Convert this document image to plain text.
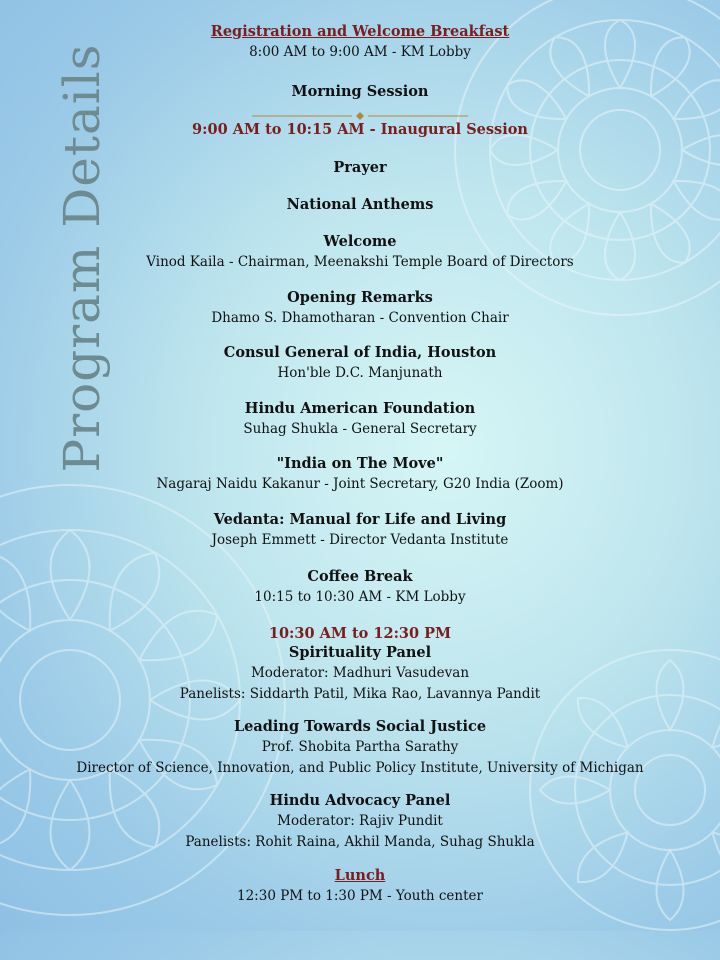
Program Details
Registration and Welcome Breakfast
8:00 AM to 9:00 AM - KM Lobby
Morning Session
9:00 AM to 10:15 AM - Inaugural Session
Prayer
National Anthems
Welcome
Vinod Kaila - Chairman, Meenakshi Temple Board of Directors
Opening Remarks
Dhamo S. Dhamotharan - Convention Chair
Consul General of India, Houston
Hon'ble D.C. Manjunath
Hindu American Foundation
Suhag Shukla - General Secretary
"India on The Move"
Nagaraj Naidu Kakanur - Joint Secretary, G20 India (Zoom)
Vedanta: Manual for Life and Living
Joseph Emmett - Director Vedanta Institute
Coffee Break
10:15 to 10:30 AM - KM Lobby
10:30 AM to 12:30 PM
Spirituality Panel
Moderator: Madhuri Vasudevan
Panelists: Siddarth Patil, Mika Rao, Lavannya Pandit
Leading Towards Social Justice
Prof. Shobita Partha Sarathy
Director of Science, Innovation, and Public Policy Institute, University of Michigan
Hindu Advocacy Panel
Moderator: Rajiv Pundit
Panelists: Rohit Raina, Akhil Manda, Suhag Shukla
Lunch
12:30 PM to 1:30 PM - Youth center
